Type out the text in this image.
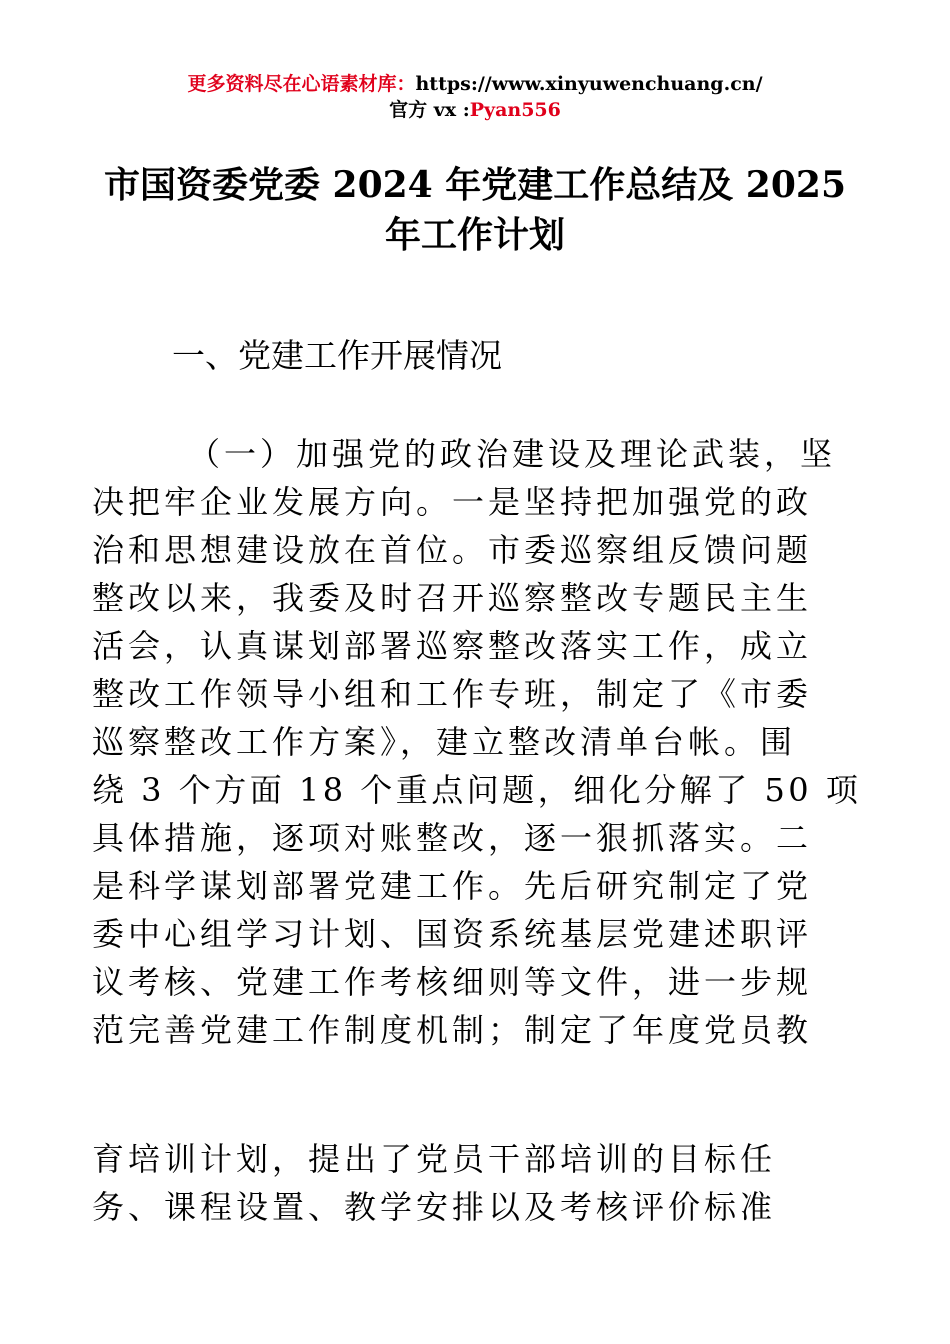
更多资料尽在心语素材库：https://www.xinyuwenchuang.cn/
官方 vx :Pyan556
市国资委党委 2024 年党建工作总结及 2025
年工作计划
一、党建工作开展情况
（一）加强党的政治建设及理论武装，坚
决把牢企业发展方向。一是坚持把加强党的政
治和思想建设放在首位。市委巡察组反馈问题
整改以来，我委及时召开巡察整改专题民主生
活会，认真谋划部署巡察整改落实工作，成立
整改工作领导小组和工作专班，制定了《市委
巡察整改工作方案》，建立整改清单台帐。围
绕 3 个方面 18 个重点问题，细化分解了 50 项
具体措施，逐项对账整改，逐一狠抓落实。二
是科学谋划部署党建工作。先后研究制定了党
委中心组学习计划、国资系统基层党建述职评
议考核、党建工作考核细则等文件，进一步规
范完善党建工作制度机制；制定了年度党员教
育培训计划，提出了党员干部培训的目标任
务、课程设置、教学安排以及考核评价标准
